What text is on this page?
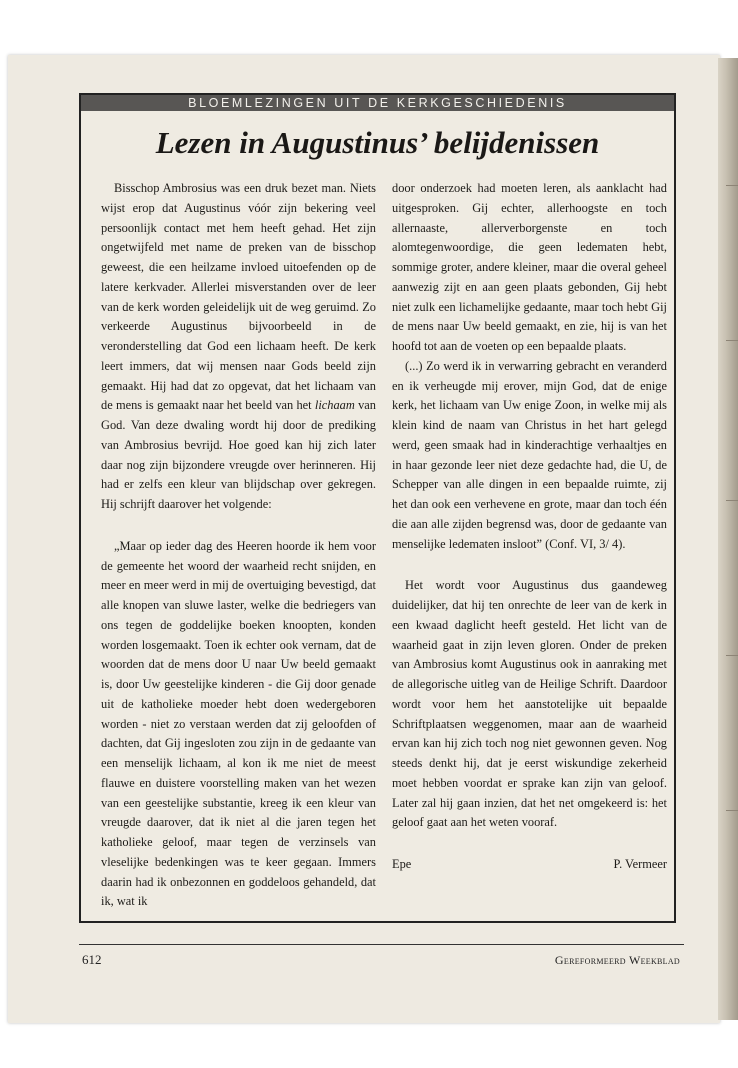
BLOEMLEZINGEN UIT DE KERKGESCHIEDENIS
Lezen in Augustinus’ belijdenissen

Bisschop Ambrosius was een druk bezet man. Niets wijst erop dat Augustinus vóór zijn bekering veel persoonlijk contact met hem heeft gehad. Het zijn ongetwijfeld met name de preken van de bisschop geweest, die een heilzame invloed uitoefenden op de latere kerkvader. Allerlei misverstanden over de leer van de kerk worden geleidelijk uit de weg geruimd. Zo verkeerde Augustinus bijvoorbeeld in de veronderstelling dat God een lichaam heeft. De kerk leert immers, dat wij mensen naar Gods beeld zijn gemaakt. Hij had dat zo opgevat, dat het lichaam van de mens is gemaakt naar het beeld van het lichaam van God. Van deze dwaling wordt hij door de prediking van Ambrosius bevrijd. Hoe goed kan hij zich later daar nog zijn bijzondere vreugde over herinneren. Hij had er zelfs een kleur van blijdschap over gekregen. Hij schrijft daarover het volgende:

„Maar op ieder dag des Heeren hoorde ik hem voor de gemeente het woord der waarheid recht snijden, en meer en meer werd in mij de overtuiging bevestigd, dat alle knopen van sluwe laster, welke die bedriegers van ons tegen de goddelijke boeken knoopten, konden worden losgemaakt. Toen ik echter ook vernam, dat de woorden dat de mens door U naar Uw beeld gemaakt is, door Uw geestelijke kinderen - die Gij door genade uit de katholieke moeder hebt doen wedergeboren worden - niet zo verstaan werden dat zij geloofden of dachten, dat Gij ingesloten zou zijn in de gedaante van een menselijk lichaam, al kon ik me niet de meest flauwe en duistere voorstelling maken van het wezen van een geestelijke substantie, kreeg ik een kleur van vreugde daarover, dat ik niet al die jaren tegen het katholieke geloof, maar tegen de verzinsels van vleselijke bedenkingen was te keer gegaan. Immers daarin had ik onbezonnen en goddeloos gehandeld, dat ik, wat ik

door onderzoek had moeten leren, als aanklacht had uitgesproken. Gij echter, allerhoogste en toch allernaaste, allerverborgenste en toch alomtegenwoordige, die geen ledematen hebt, sommige groter, andere kleiner, maar die overal geheel aanwezig zijt en aan geen plaats gebonden, Gij hebt niet zulk een lichamelijke gedaante, maar toch hebt Gij de mens naar Uw beeld gemaakt, en zie, hij is van het hoofd tot aan de voeten op een bepaalde plaats.

(...) Zo werd ik in verwarring gebracht en veranderd en ik verheugde mij erover, mijn God, dat de enige kerk, het lichaam van Uw enige Zoon, in welke mij als klein kind de naam van Christus in het hart gelegd werd, geen smaak had in kinderachtige verhaaltjes en in haar gezonde leer niet deze gedachte had, die U, de Schepper van alle dingen in een bepaalde ruimte, zij het dan ook een verhevene en grote, maar dan toch één die aan alle zijden begrensd was, door de gedaante van menselijke ledematen insloot” (Conf. VI, 3/ 4).

Het wordt voor Augustinus dus gaandeweg duidelijker, dat hij ten onrechte de leer van de kerk in een kwaad daglicht heeft gesteld. Het licht van de waarheid gaat in zijn leven gloren. Onder de preken van Ambrosius komt Augustinus ook in aanraking met de allegorische uitleg van de Heilige Schrift. Daardoor wordt voor hem het aanstotelijke uit bepaalde Schriftplaatsen weggenomen, maar aan de waarheid ervan kan hij zich toch nog niet gewonnen geven. Nog steeds denkt hij, dat je eerst wiskundige zekerheid moet hebben voordat er sprake kan zijn van geloof. Later zal hij gaan inzien, dat het net omgekeerd is: het geloof gaat aan het weten vooraf.

Epe	P. Vermeer
612	Gereformeerd Weekblad
